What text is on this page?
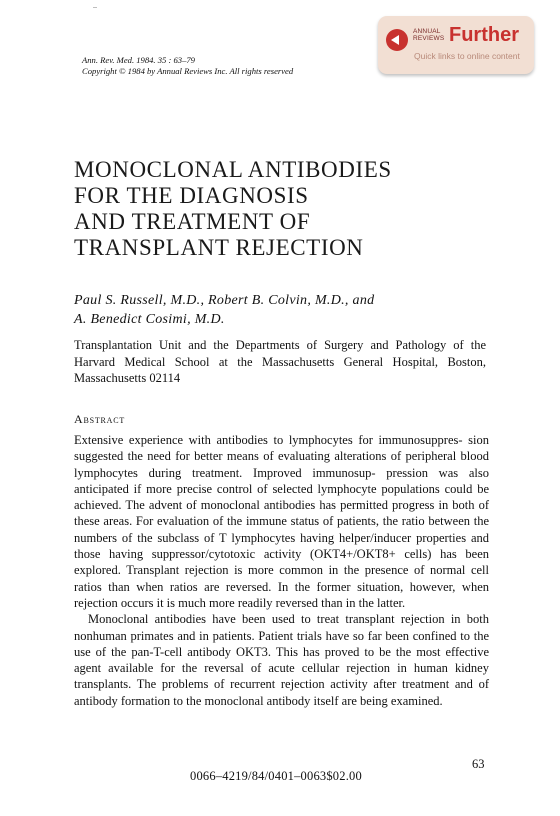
..
Ann. Rev. Med. 1984. 35 : 63–79
Copyright © 1984 by Annual Reviews Inc. All rights reserved
ANNUAL
REVIEWS Further
Quick links to online content
MONOCLONAL ANTIBODIES
FOR THE DIAGNOSIS
AND TREATMENT OF
TRANSPLANT REJECTION
Paul S. Russell, M.D., Robert B. Colvin, M.D., and
A. Benedict Cosimi, M.D.
Transplantation Unit and the Departments of Surgery and Pathology of the Harvard Medical School at the Massachusetts General Hospital, Boston, Massachusetts 02114
Abstract

Extensive experience with antibodies to lymphocytes for immunosuppres- sion suggested the need for better means of evaluating alterations of peripheral blood lymphocytes during treatment. Improved immunosup- pression was also anticipated if more precise control of selected lymphocyte populations could be achieved. The advent of monoclonal antibodies has permitted progress in both of these areas. For evaluation of the immune status of patients, the ratio between the numbers of the subclass of T lymphocytes having helper/inducer properties and those having suppressor/cytotoxic activity (OKT4+/OKT8+ cells) has been explored. Transplant rejection is more common in the presence of normal cell ratios than when ratios are reversed. In the former situation, however, when rejection occurs it is much more readily reversed than in the latter.

Monoclonal antibodies have been used to treat transplant rejection in both nonhuman primates and in patients. Patient trials have so far been confined to the use of the pan-T-cell antibody OKT3. This has proved to be the most effective agent available for the reversal of acute cellular rejection in human kidney transplants. The problems of recurrent rejection activity after treatment and of antibody formation to the monoclonal antibody itself are being examined.

63
0066–4219/84/0401–0063$02.00
